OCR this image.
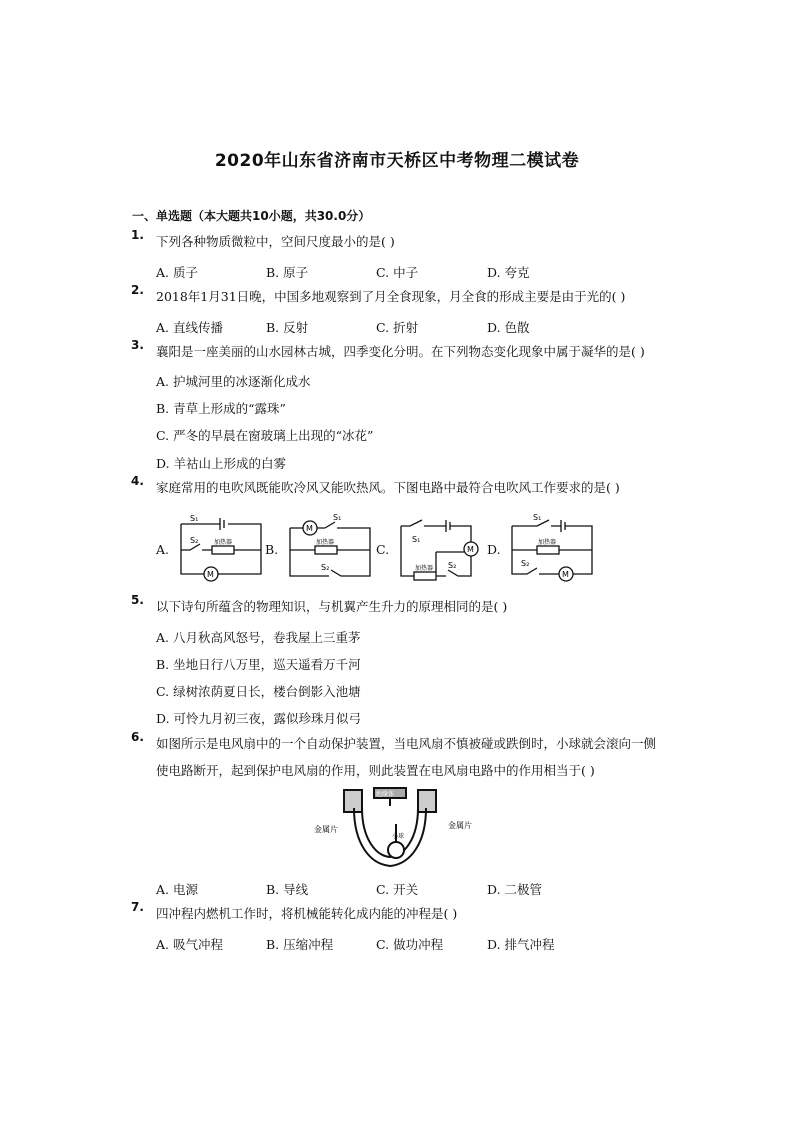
2020年山东省济南市天桥区中考物理二模试卷
一、单选题（本大题共10小题，共30.0分）
1. 下列各种物质微粒中，空间尺度最小的是( )
A. 质子	B. 原子	C. 中子	D. 夸克
2. 2018年1月31日晚，中国多地观察到了月全食现象，月全食的形成主要是由于光的( )
A. 直线传播	B. 反射	C. 折射	D. 色散
3. 襄阳是一座美丽的山水园林古城，四季变化分明。在下列物态变化现象中属于凝华的是( )
A. 护城河里的冰逐渐化成水
B. 青草上形成的“露珠”
C. 严冬的早晨在窗玻璃上出现的“冰花”
D. 羊祜山上形成的白雾
4. 家庭常用的电吹风既能吹冷风又能吹热风。下图电路中最符合电吹风工作要求的是( )
A.	B.	C.	D.
S₁
S₂	加热器
M
M
S₁
加热器
S₂
S₁
M
加热器 S₂
S₁
加热器
S₂
M
5. 以下诗句所蕴含的物理知识，与机翼产生升力的原理相同的是( )
A. 八月秋高风怒号，卷我屋上三重茅
B. 坐地日行八万里，巡天遥看万千河
C. 绿树浓荫夏日长，楼台倒影入池塘
D. 可怜九月初三夜，露似珍珠月似弓
6. 如图所示是电风扇中的一个自动保护装置，当电风扇不慎被碰或跌倒时，小球就会滚向一侧使电路断开，起到保护电风扇的作用，则此装置在电风扇电路中的作用相当于( )
金属片	金属片
绝缘体
小球
A. 电源	B. 导线	C. 开关	D. 二极管
7. 四冲程内燃机工作时，将机械能转化成内能的冲程是( )
A. 吸气冲程	B. 压缩冲程	C. 做功冲程	D. 排气冲程
